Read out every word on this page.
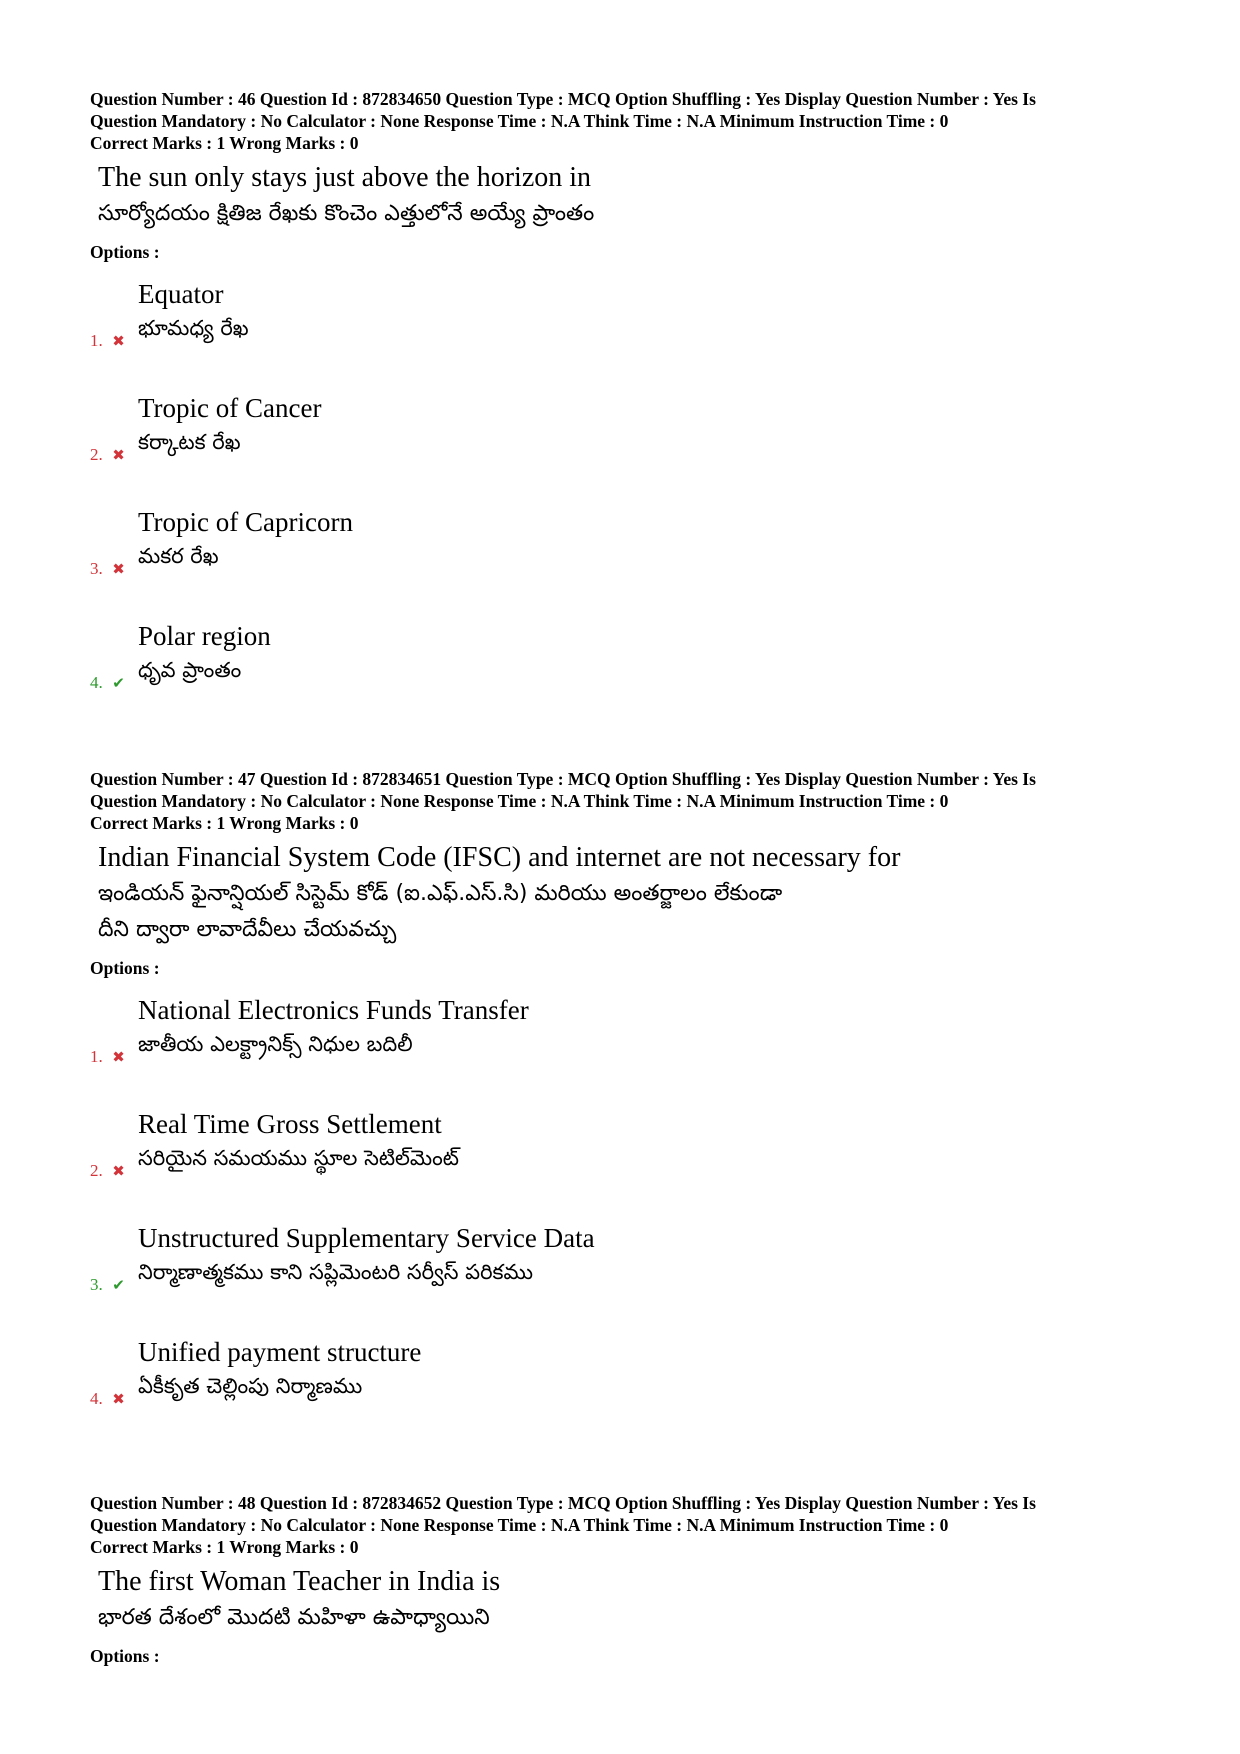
Question Number : 46 Question Id : 872834650 Question Type : MCQ Option Shuffling : Yes Display Question Number : Yes Is

Question Mandatory : No Calculator : None Response Time : N.A Think Time : N.A Minimum Instruction Time : 0

Correct Marks : 1 Wrong Marks : 0

The sun only stays just above the horizon in
సూర్యోదయం క్షితిజ రేఖకు కొంచెం ఎత్తులోనే అయ్యే ప్రాంతం

Options :

Equator
భూమధ్య రేఖ
1. ✖
Tropic of Cancer
కర్కాటక రేఖ
2. ✖
Tropic of Capricorn
మకర రేఖ
3. ✖
Polar region
ధృవ ప్రాంతం
4. ✔

Question Number : 47 Question Id : 872834651 Question Type : MCQ Option Shuffling : Yes Display Question Number : Yes Is

Question Mandatory : No Calculator : None Response Time : N.A Think Time : N.A Minimum Instruction Time : 0

Correct Marks : 1 Wrong Marks : 0

Indian Financial System Code (IFSC) and internet are not necessary for
ఇండియన్ ఫైనాన్షియల్ సిస్టెమ్ కోడ్ (ఐ.ఎఫ్.ఎస్.సి) మరియు అంతర్జాలం లేకుండా
దీని ద్వారా లావాదేవీలు చేయవచ్చు

Options :

National Electronics Funds Transfer
జాతీయ ఎలక్ట్రానిక్స్ నిధుల బదిలీ
1. ✖
Real Time Gross Settlement
సరియైన సమయము స్థూల సెటిల్‌మెంట్
2. ✖
Unstructured Supplementary Service Data
నిర్మాణాత్మకము కాని సప్లిమెంటరి సర్వీస్ పరికము
3. ✔
Unified payment structure
ఏకీకృత చెల్లింపు నిర్మాణము
4. ✖

Question Number : 48 Question Id : 872834652 Question Type : MCQ Option Shuffling : Yes Display Question Number : Yes Is

Question Mandatory : No Calculator : None Response Time : N.A Think Time : N.A Minimum Instruction Time : 0

Correct Marks : 1 Wrong Marks : 0

The first Woman Teacher in India is
భారత దేశంలో మొదటి మహిళా ఉపాధ్యాయిని

Options :
